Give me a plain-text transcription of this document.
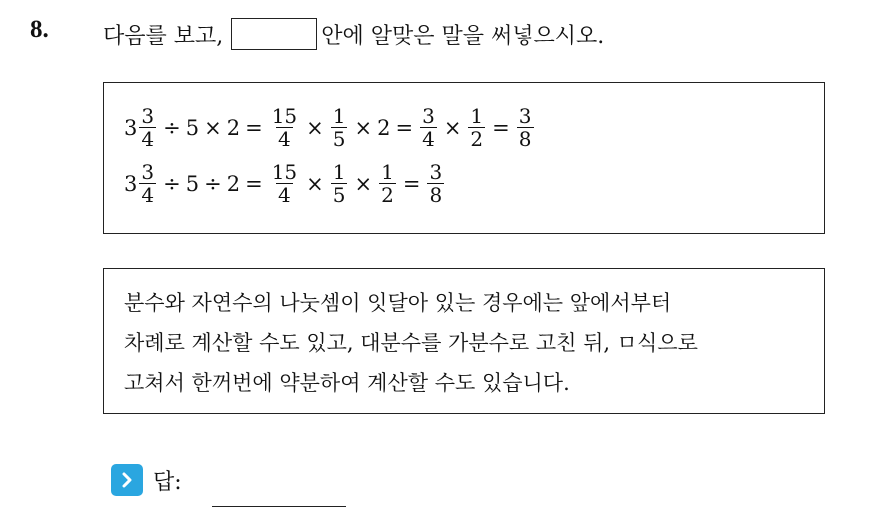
8. 다음를 보고,	안에 알맞은 말을 써넣으시오.
$3 \frac{3}{4} \div 5 \times 2 = \frac{15}{4} \times \frac{1}{5} \times 2 = \frac{3}{4} \times \frac{1}{2} = \frac{3}{8}$
$3 \frac{3}{4} \div 5 \div 2 = \frac{15}{4} \times \frac{1}{5} \times \frac{1}{2} = \frac{3}{8}$
분수와 자연수의 나눗셈이 잇달아 있는 경우에는 앞에서부터
차례로 계산할 수도 있고, 대분수를 가분수로 고친 뒤, ㅁ식으로
고쳐서 한꺼번에 약분하여 계산할 수도 있습니다.
답:
